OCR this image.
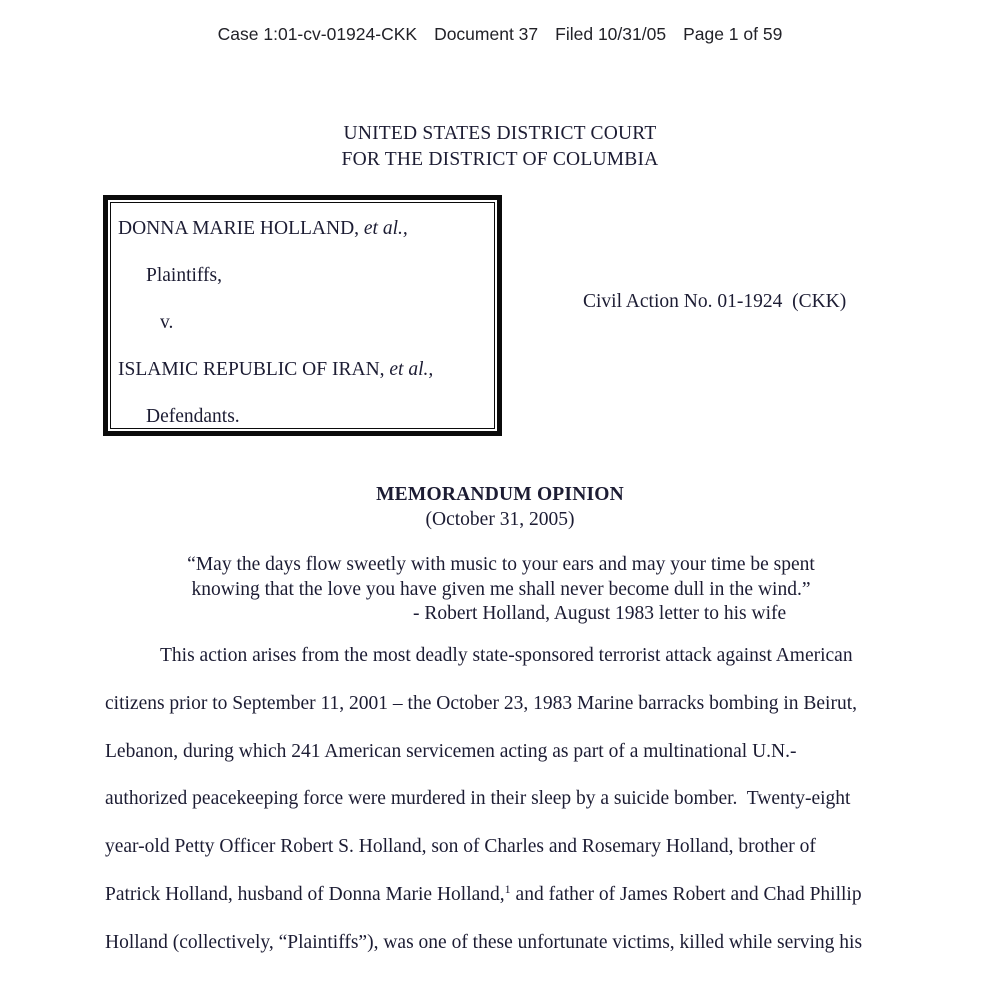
Case 1:01-cv-01924-CKK Document 37 Filed 10/31/05 Page 1 of 59
UNITED STATES DISTRICT COURT
FOR THE DISTRICT OF COLUMBIA
DONNA MARIE HOLLAND, et al.,
Plaintiffs,
v.
ISLAMIC REPUBLIC OF IRAN, et al.,
Defendants.
Civil Action No. 01-1924  (CKK)
MEMORANDUM OPINION
(October 31, 2005)
“May the days flow sweetly with music to your ears and may your time be spent
knowing that the love you have given me shall never become dull in the wind.”
- Robert Holland, August 1983 letter to his wife
This action arises from the most deadly state-sponsored terrorist attack against American
citizens prior to September 11, 2001 – the October 23, 1983 Marine barracks bombing in Beirut,
Lebanon, during which 241 American servicemen acting as part of a multinational U.N.-
authorized peacekeeping force were murdered in their sleep by a suicide bomber.  Twenty-eight
year-old Petty Officer Robert S. Holland, son of Charles and Rosemary Holland, brother of
Patrick Holland, husband of Donna Marie Holland,$^1$ and father of James Robert and Chad Phillip
Holland (collectively, “Plaintiffs”), was one of these unfortunate victims, killed while serving his
